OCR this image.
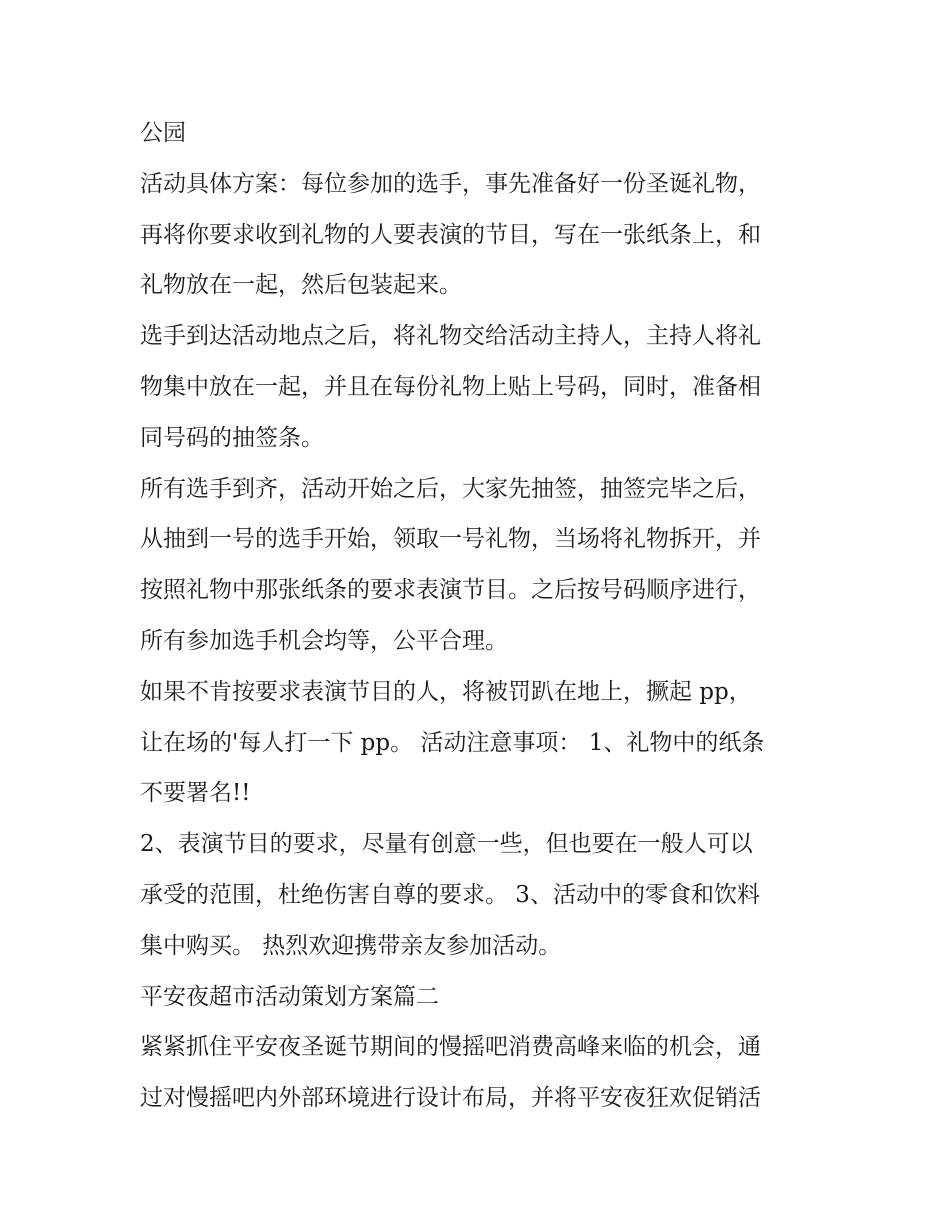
公园

活动具体方案：每位参加的选手，事先准备好一份圣诞礼物，
再将你要求收到礼物的人要表演的节目，写在一张纸条上，和
礼物放在一起，然后包装起来。

选手到达活动地点之后，将礼物交给活动主持人，主持人将礼
物集中放在一起，并且在每份礼物上贴上号码，同时，准备相
同号码的抽签条。

所有选手到齐，活动开始之后，大家先抽签，抽签完毕之后，
从抽到一号的选手开始，领取一号礼物，当场将礼物拆开，并
按照礼物中那张纸条的要求表演节目。之后按号码顺序进行，
所有参加选手机会均等，公平合理。

如果不肯按要求表演节目的人，将被罚趴在地上，撅起 pp，
让在场的'每人打一下 pp。 活动注意事项： 1、礼物中的纸条
不要署名!!

2、表演节目的要求，尽量有创意一些，但也要在一般人可以
承受的范围，杜绝伤害自尊的要求。 3、活动中的零食和饮料
集中购买。 热烈欢迎携带亲友参加活动。

平安夜超市活动策划方案篇二

紧紧抓住平安夜圣诞节期间的慢摇吧消费高峰来临的机会，通
过对慢摇吧内外部环境进行设计布局，并将平安夜狂欢促销活
